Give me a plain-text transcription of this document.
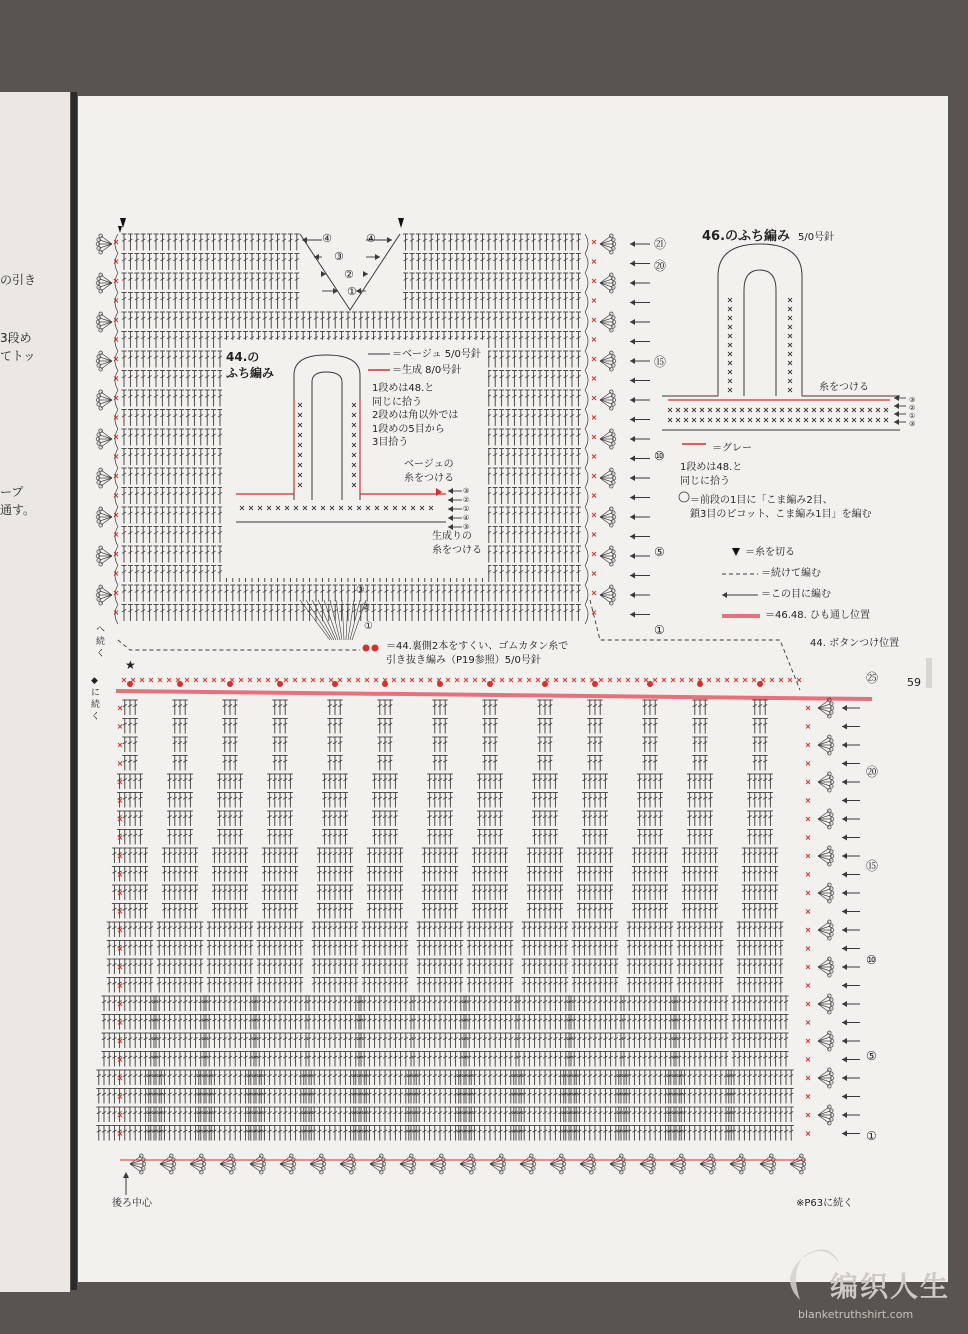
の引き

3段め

てトッ

ープ

通す。

④

③

②

①

④	㉑

⑳

⑮

⑩

⑤

①

③

②

①

へ続く

◆に続く

44.の
ふち編み

＝ベージュ 5/0号針

＝生成 8/0号針

1段めは48.と
同じに拾う
2段めは角以外では
1段めの5目から
3目拾う

ベージュの
糸をつける

生成りの
糸をつける

③

②

①

④

③

46.のふち編み 5/0号針

糸をつける

＝グレー

1段めは48.と
同じに拾う

＝前段の1目に「こま編み2目、
鎖3目のピコット、こま編み1目」を編む

③

②

①

③

＝糸を切る

＝続けて編む

＝この目に編む

＝46.48. ひも通し位置

＝44.裏側2本をすくい、ゴムカタン糸で
引き抜き編み（P19参照）5/0号針

44. ボタンつけ位置

㉕

⑳

⑮

⑩

⑤

①

★

59

後ろ中心	※P63に続く

编织人生

blanketruthshirt.com
